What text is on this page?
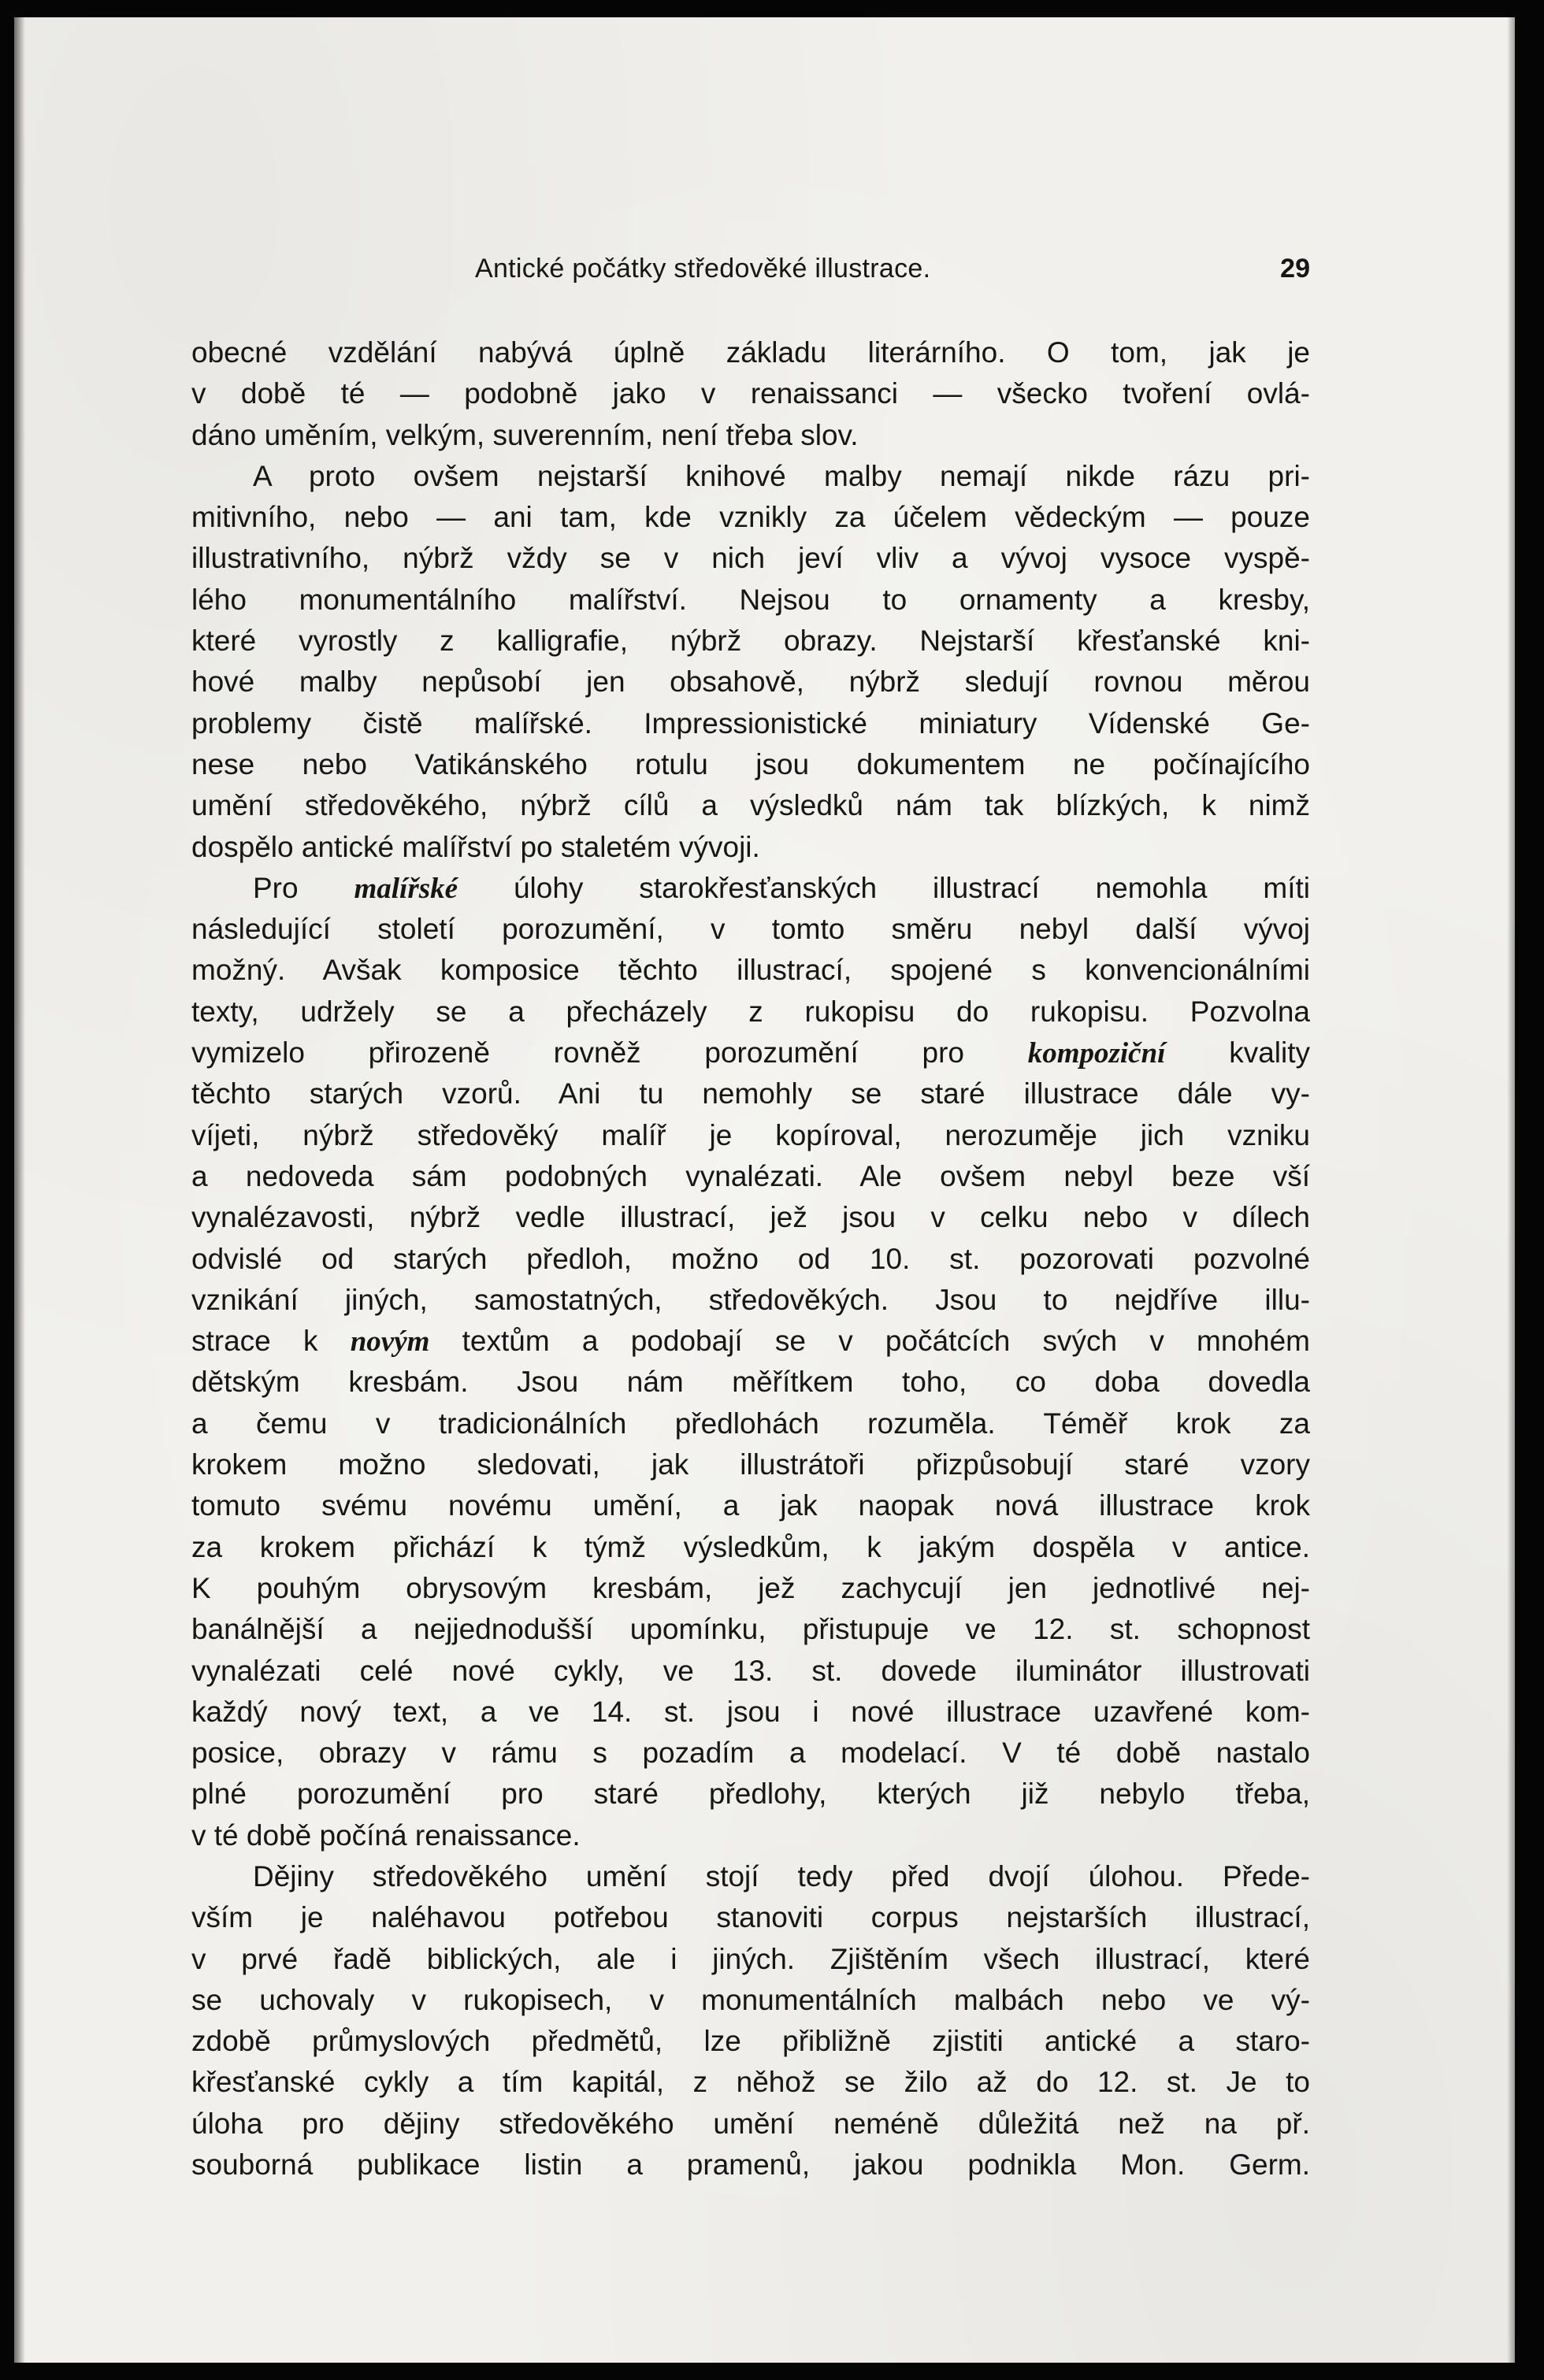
Antické počátky středověké illustrace.	29
obecné vzdělání nabývá úplně základu literárního. O tom, jak je
v době té — podobně jako v renaissanci — všecko tvoření ovlá-
dáno uměním, velkým, suverenním, není třeba slov.
A proto ovšem nejstarší knihové malby nemají nikde rázu pri-
mitivního, nebo — ani tam, kde vznikly za účelem vědeckým — pouze
illustrativního, nýbrž vždy se v nich jeví vliv a vývoj vysoce vyspě-
lého monumentálního malířství. Nejsou to ornamenty a kresby,
které vyrostly z kalligrafie, nýbrž obrazy. Nejstarší křesťanské kni-
hové malby nepůsobí jen obsahově, nýbrž sledují rovnou měrou
problemy čistě malířské. Impressionistické miniatury Vídenské Ge-
nese nebo Vatikánského rotulu jsou dokumentem ne počínajícího
umění středověkého, nýbrž cílů a výsledků nám tak blízkých, k nimž
dospělo antické malířství po staletém vývoji.
Pro malířské úlohy starokřesťanských illustrací nemohla míti
následující století porozumění, v tomto směru nebyl další vývoj
možný. Avšak komposice těchto illustrací, spojené s konvencionálními
texty, udržely se a přecházely z rukopisu do rukopisu. Pozvolna
vymizelo přirozeně rovněž porozumění pro kompoziční kvality
těchto starých vzorů. Ani tu nemohly se staré illustrace dále vy-
víjeti, nýbrž středověký malíř je kopíroval, nerozuměje jich vzniku
a nedoveda sám podobných vynalézati. Ale ovšem nebyl beze vší
vynalézavosti, nýbrž vedle illustrací, jež jsou v celku nebo v dílech
odvislé od starých předloh, možno od 10. st. pozorovati pozvolné
vznikání jiných, samostatných, středověkých. Jsou to nejdříve illu-
strace k novým textům a podobají se v počátcích svých v mnohém
dětským kresbám. Jsou nám měřítkem toho, co doba dovedla
a čemu v tradicionálních předlohách rozuměla. Téměř krok za
krokem možno sledovati, jak illustrátoři přizpůsobují staré vzory
tomuto svému novému umění, a jak naopak nová illustrace krok
za krokem přichází k týmž výsledkům, k jakým dospěla v antice.
K pouhým obrysovým kresbám, jež zachycují jen jednotlivé nej-
banálnější a nejjednodušší upomínku, přistupuje ve 12. st. schopnost
vynalézati celé nové cykly, ve 13. st. dovede iluminátor illustrovati
každý nový text, a ve 14. st. jsou i nové illustrace uzavřené kom-
posice, obrazy v rámu s pozadím a modelací. V té době nastalo
plné porozumění pro staré předlohy, kterých již nebylo třeba,
v té době počíná renaissance.
Dějiny středověkého umění stojí tedy před dvojí úlohou. Přede-
vším je naléhavou potřebou stanoviti corpus nejstarších illustrací,
v prvé řadě biblických, ale i jiných. Zjištěním všech illustrací, které
se uchovaly v rukopisech, v monumentálních malbách nebo ve vý-
zdobě průmyslových předmětů, lze přibližně zjistiti antické a staro-
křesťanské cykly a tím kapitál, z něhož se žilo až do 12. st. Je to
úloha pro dějiny středověkého umění neméně důležitá než na př.
souborná publikace listin a pramenů, jakou podnikla Mon. Germ.
